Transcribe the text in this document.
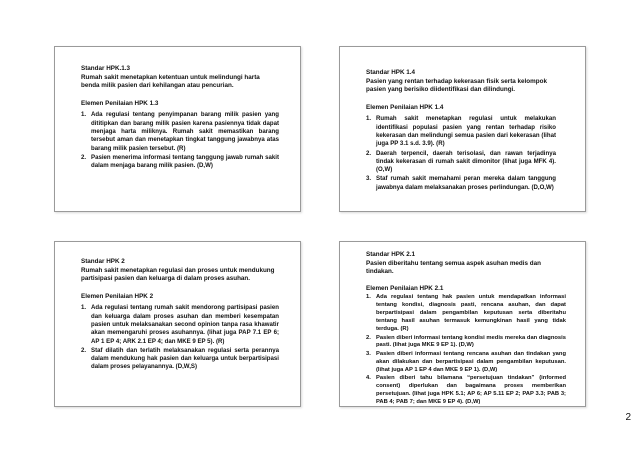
Standar HPK.1.3

Rumah sakit menetapkan ketentuan untuk melindungi harta benda milik pasien dari kehilangan atau pencurian.

Elemen Penilaian HPK 1.3

1. Ada regulasi tentang penyimpanan barang milik pasien yang dititipkan dan barang milik pasien karena pasiennya tidak dapat menjaga harta miliknya. Rumah sakit memastikan barang tersebut aman dan menetapkan tingkat tanggung jawabnya atas barang milik pasien tersebut. (R)
2. Pasien menerima informasi tentang tanggung jawab rumah sakit dalam menjaga barang milik pasien. (D,W)

Standar HPK 1.4

Pasien yang rentan terhadap kekerasan fisik serta kelompok pasien yang berisiko diidentifikasi dan dilindungi.

Elemen Penilaian HPK 1.4

1. Rumah sakit menetapkan regulasi untuk melakukan identifikasi populasi pasien yang rentan terhadap risiko kekerasan dan melindungi semua pasien dari kekerasan (lihat juga PP 3.1 s.d. 3.9). (R)
2. Daerah terpencil, daerah terisolasi, dan rawan terjadinya tindak kekerasan di rumah sakit dimonitor (lihat juga MFK 4). (O,W)
3. Staf rumah sakit memahami peran mereka dalam tanggung jawabnya dalam melaksanakan proses perlindungan. (D,O,W)

Standar HPK 2

Rumah sakit menetapkan regulasi dan proses untuk mendukung partisipasi pasien dan keluarga di dalam proses asuhan.

Elemen Penilaian HPK 2

1. Ada regulasi tentang rumah sakit mendorong partisipasi pasien dan keluarga dalam proses asuhan dan memberi kesempatan pasien untuk melaksanakan second opinion tanpa rasa khawatir akan memengaruhi proses asuhannya. (lihat juga PAP 7.1 EP 6; AP 1 EP 4; ARK 2.1 EP 4; dan MKE 9 EP 5). (R)
2. Staf dilatih dan terlatih melaksanakan regulasi serta perannya dalam mendukung hak pasien dan keluarga untuk berpartisipasi dalam proses pelayanannya. (D,W,S)

Standar HPK 2.1

Pasien diberitahu tentang semua aspek asuhan medis dan tindakan.

Elemen Penilaian HPK 2.1

1. Ada regulasi tentang hak pasien untuk mendapatkan informasi tentang kondisi, diagnosis pasti, rencana asuhan, dan dapat berpartisipasi dalam pengambilan keputusan serta diberitahu tentang hasil asuhan termasuk kemungkinan hasil yang tidak terduga. (R)
2. Pasien diberi informasi tentang kondisi medis mereka dan diagnosis pasti. (lihat juga MKE 9 EP 1). (D,W)
3. Pasien diberi informasi tentang rencana asuhan dan tindakan yang akan dilakukan dan berpartisipasi dalam pengambilan keputusan. (lihat juga AP 1 EP 4 dan MKE 9 EP 1). (D,W)
4. Pasien diberi tahu bilamana “persetujuan tindakan” (informed consent) diperlukan dan bagaimana proses memberikan persetujuan. (lihat juga HPK 5.1; AP 6; AP 5.11 EP 2; PAP 3.3; PAB 3; PAB 4; PAB 7; dan MKE 9 EP 4). (D,W)
2
